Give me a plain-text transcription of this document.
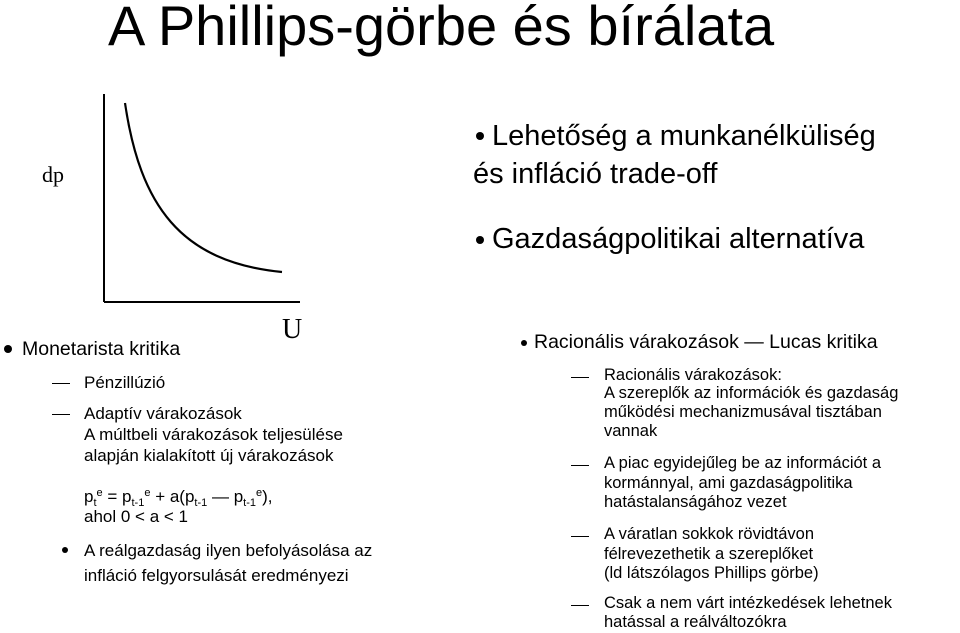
A Phillips-görbe és bírálata
dp
U
Lehetőség a munkanélküliség
és infláció trade-off
Gazdaságpolitikai alternatíva
Monetarista kritika
Pénzillúzió
Adaptív várakozások
A múltbeli várakozások teljesülése
alapján kialakított új várakozások
$p_t^e = p_{t-1}^e + a(p_{t-1}$ — $p_{t-1}^e$),
ahol 0 < a < 1
A reálgazdaság ilyen befolyásolása az
infláció felgyorsulását eredményezi
Racionális várakozások — Lucas kritika
Racionális várakozások:
A szereplők az információk és gazdaság
működési mechanizmusával tisztában
vannak
A piac egyidejűleg be az információt a
kormánnyal, ami gazdaságpolitika
hatástalanságához vezet
A váratlan sokkok rövidtávon
félrevezethetik a szereplőket
(ld látszólagos Phillips görbe)
Csak a nem várt intézkedések lehetnek
hatással a reálváltozókra
